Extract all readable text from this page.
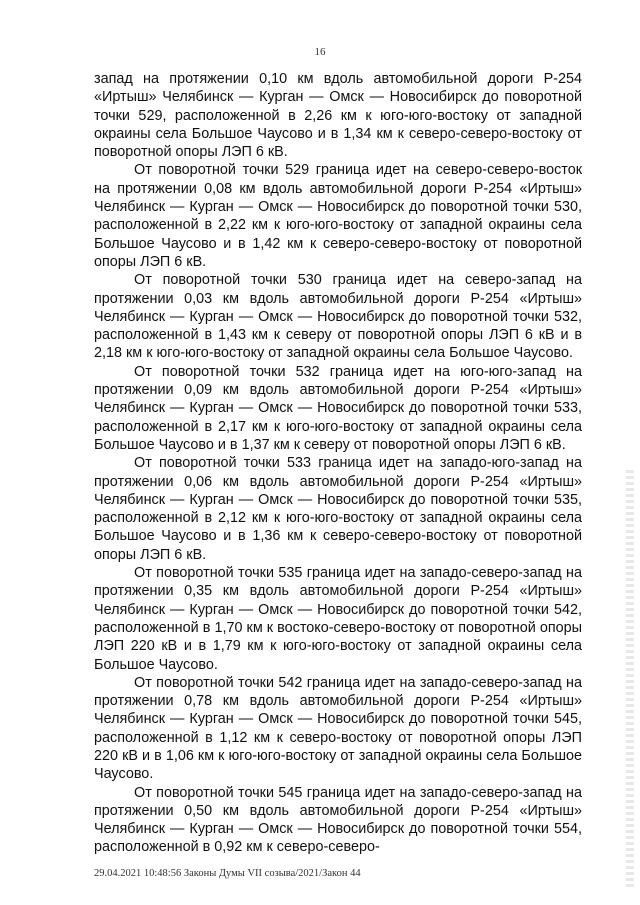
16

запад на протяжении 0,10 км вдоль автомобильной дороги Р-254 «Иртыш» Челябинск — Курган — Омск — Новосибирск до поворотной точки 529, расположенной в 2,26 км к юго-юго-востоку от западной окраины села Большое Чаусово и в 1,34 км к северо-северо-востоку от поворотной опоры ЛЭП 6 кВ.

От поворотной точки 529 граница идет на северо-северо-восток на протяжении 0,08 км вдоль автомобильной дороги Р-254 «Иртыш» Челябинск — Курган — Омск — Новосибирск до поворотной точки 530, расположенной в 2,22 км к юго-юго-востоку от западной окраины села Большое Чаусово и в 1,42 км к северо-северо-востоку от поворотной опоры ЛЭП 6 кВ.

От поворотной точки 530 граница идет на северо-запад на протяжении 0,03 км вдоль автомобильной дороги Р-254 «Иртыш» Челябинск — Курган — Омск — Новосибирск до поворотной точки 532, расположенной в 1,43 км к северу от поворотной опоры ЛЭП 6 кВ и в 2,18 км к юго-юго-востоку от западной окраины села Большое Чаусово.

От поворотной точки 532 граница идет на юго-юго-запад на протяжении 0,09 км вдоль автомобильной дороги Р-254 «Иртыш» Челябинск — Курган — Омск — Новосибирск до поворотной точки 533, расположенной в 2,17 км к юго-юго-востоку от западной окраины села Большое Чаусово и в 1,37 км к северу от поворотной опоры ЛЭП 6 кВ.

От поворотной точки 533 граница идет на западо-юго-запад на протяжении 0,06 км вдоль автомобильной дороги Р-254 «Иртыш» Челябинск — Курган — Омск — Новосибирск до поворотной точки 535, расположенной в 2,12 км к юго-юго-востоку от западной окраины села Большое Чаусово и в 1,36 км к северо-северо-востоку от поворотной опоры ЛЭП 6 кВ.

От поворотной точки 535 граница идет на западо-северо-запад на протяжении 0,35 км вдоль автомобильной дороги Р-254 «Иртыш» Челябинск — Курган — Омск — Новосибирск до поворотной точки 542, расположенной в 1,70 км к востоко-северо-востоку от поворотной опоры ЛЭП 220 кВ и в 1,79 км к юго-юго-востоку от западной окраины села Большое Чаусово.

От поворотной точки 542 граница идет на западо-северо-запад на протяжении 0,78 км вдоль автомобильной дороги Р-254 «Иртыш» Челябинск — Курган — Омск — Новосибирск до поворотной точки 545, расположенной в 1,12 км к северо-востоку от поворотной опоры ЛЭП 220 кВ и в 1,06 км к юго-юго-востоку от западной окраины села Большое Чаусово.

От поворотной точки 545 граница идет на западо-северо-запад на протяжении 0,50 км вдоль автомобильной дороги Р-254 «Иртыш» Челябинск — Курган — Омск — Новосибирск до поворотной точки 554, расположенной в 0,92 км к северо-северо-

29.04.2021 10:48:56 Законы Думы VII созыва/2021/Закон 44
